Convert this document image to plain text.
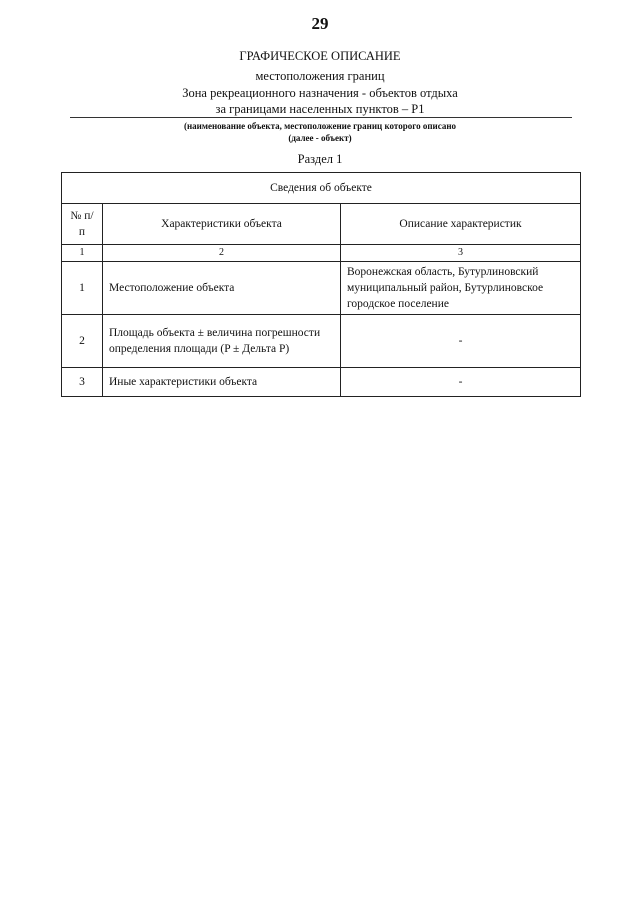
29
ГРАФИЧЕСКОЕ ОПИСАНИЕ
местоположения границ
Зона рекреационного назначения - объектов отдыха
за границами населенных пунктов – Р1
(наименование объекта, местоположение границ которого описано
(далее - объект)
Раздел 1
Сведения об объекте		
№ п/п	Характеристики объекта	Описание характеристик
1	2	3
1	Местоположение объекта	Воронежская область, Бутурлиновский муниципальный район, Бутурлиновское городское поселение
2	Площадь объекта ± величина погрешности определения площади (P ± Дельта P)	-
3	Иные характеристики объекта	-
